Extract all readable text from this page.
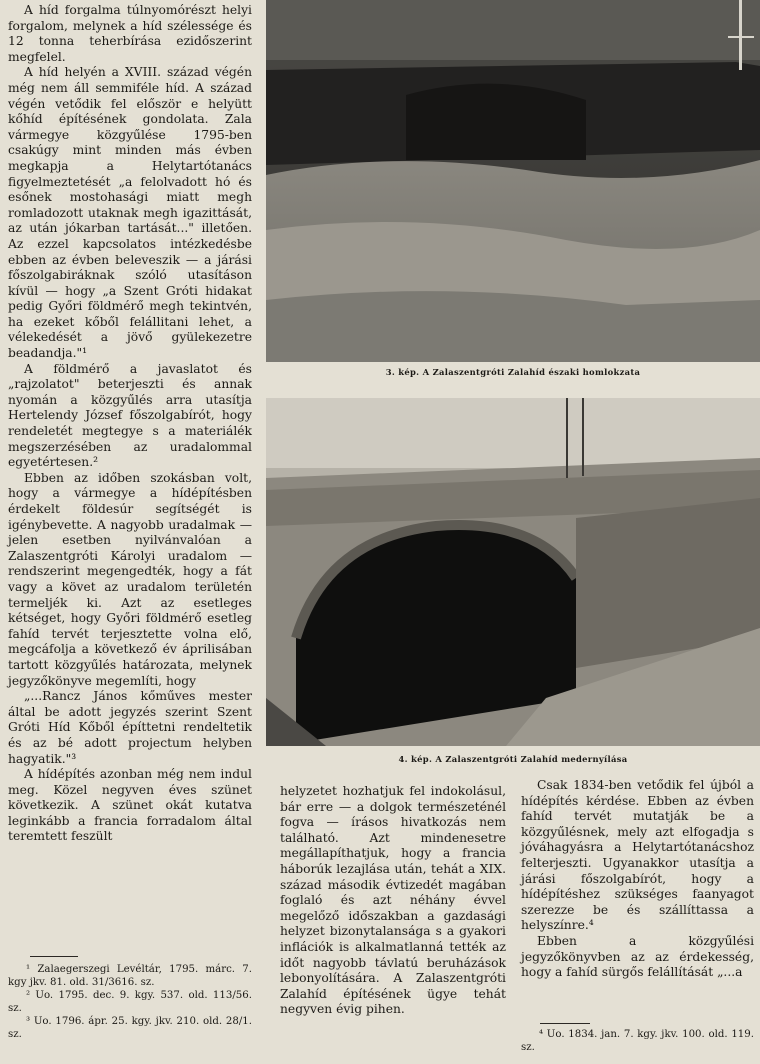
A híd forgalma túlnyomórészt helyi forgalom, melynek a híd szélessége és 12 tonna teherbírása ezidőszerint megfelel.

A híd helyén a XVIII. század végén még nem áll semmiféle híd. A század végén vetődik fel először e helyütt kőhíd építésének gondolata. Zala vármegye közgyűlése 1795-ben csakúgy mint minden más évben megkapja a Helytartótanács figyelmeztetését „a felolvadott hó és esőnek mostohasági miatt megh romladozott utaknak megh igazittását, az után jókarban tartását..." illetően. Az ezzel kapcsolatos intézkedésbe ebben az évben beleveszik — a járási főszolgabiráknak szóló utasításon kívül — hogy „a Szent Gróti hidakat pedig Győri földmérő megh tekintvén, ha ezeket kőből felállitani lehet, a vélekedését a jövő gyülekezetre beadandja."¹

A földmérő a javaslatot és „rajzolatot" beterjeszti és annak nyomán a közgyűlés arra utasítja Hertelendy József főszolgabírót, hogy rendeletét megtegye s a materiálék megszerzésében az uradalommal egyetértesen.²

Ebben az időben szokásban volt, hogy a vármegye a hídépítésben érdekelt földesúr segítségét is igénybevette. A nagyobb uradalmak — jelen esetben nyilvánvalóan a Zalaszentgróti Károlyi uradalom — rendszerint megengedték, hogy a fát vagy a követ az uradalom területén termeljék ki. Azt az esetleges kétséget, hogy Győri földmérő esetleg fahíd tervét terjesztette volna elő, megcáfolja a következő év áprilisában tartott közgyűlés határozata, melynek jegyzőkönyve megemlíti, hogy

„...Rancz János kőműves mester által be adott jegyzés szerint Szent Gróti Híd Kőből építtetni rendeltetik és az bé adott projectum helyben hagyatik."³

A hídépítés azonban még nem indul meg. Közel negyven éves szünet következik. A szünet okát kutatva leginkább a francia forradalom által teremtett feszült

¹ Zalaegerszegi Levéltár, 1795. márc. 7. kgy jkv. 81. old. 31/3616. sz.

² Uo. 1795. dec. 9. kgy. 537. old. 113/56. sz.

³ Uo. 1796. ápr. 25. kgy. jkv. 210. old. 28/1. sz.

3. kép. A Zalaszentgróti Zalahíd északi homlokzata
4. kép. A Zalaszentgróti Zalahíd medernyílása

helyzetet hozhatjuk fel indokolásul, bár erre — a dolgok természeténél fogva — írásos hivatkozás nem található. Azt mindenesetre megállapíthatjuk, hogy a francia háborúk lezajlása után, tehát a XIX. század második évtizedét magában foglaló és azt néhány évvel megelőző időszakban a gazdasági helyzet bizonytalansága s a gyakori inflációk is alkalmatlanná tették az időt nagyobb távlatú beruházások lebonyolítására. A Zalaszentgróti Zalahíd építésének ügye tehát negyven évig pihen.

Csak 1834-ben vetődik fel újból a hídépítés kérdése. Ebben az évben fahíd tervét mutatják be a közgyűlésnek, mely azt elfogadja s jóváhagyásra a Helytartótanácshoz felterjeszti. Ugyanakkor utasítja a járási főszolgabírót, hogy a hídépítéshez szükséges faanyagot szerezze be és szállíttassa a helyszínre.⁴

Ebben a közgyűlési jegyzőkönyvben az az érdekesség, hogy a fahíd sürgős felállítását „...a

⁴ Uo. 1834. jan. 7. kgy. jkv. 100. old. 119. sz.
